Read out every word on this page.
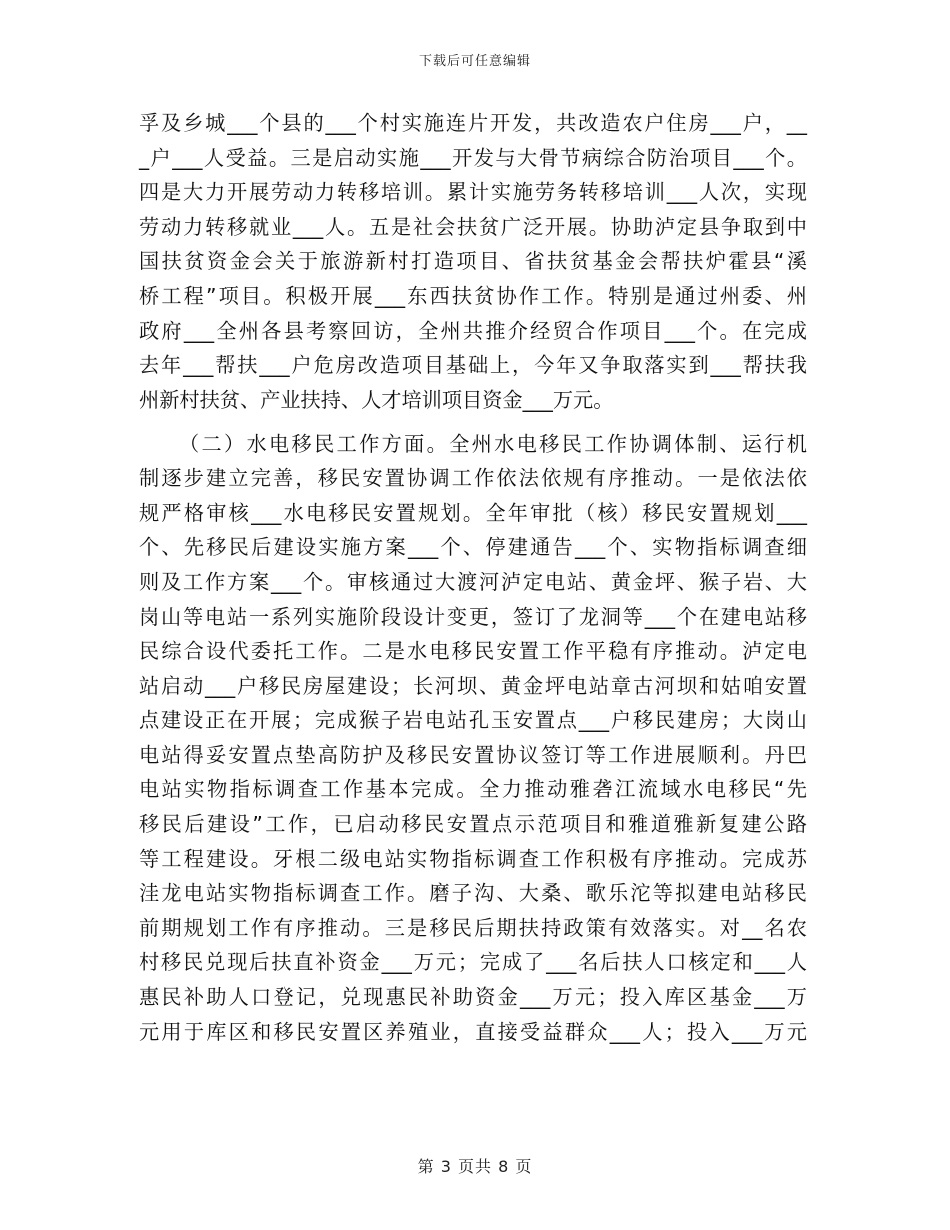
下载后可任意编辑
孚及乡城___个县的___个村实施连片开发，共改造农户住房___户，__
_户___人受益。三是启动实施___开发与大骨节病综合防治项目___个。
四是大力开展劳动力转移培训。累计实施劳务转移培训___人次，实现
劳动力转移就业___人。五是社会扶贫广泛开展。协助泸定县争取到中
国扶贫资金会关于旅游新村打造项目、省扶贫基金会帮扶炉霍县“溪
桥工程”项目。积极开展___东西扶贫协作工作。特别是通过州委、州
政府___全州各县考察回访，全州共推介经贸合作项目___个。在完成
去年___帮扶___户危房改造项目基础上，今年又争取落实到___帮扶我
州新村扶贫、产业扶持、人才培训项目资金___万元。
（二）水电移民工作方面。全州水电移民工作协调体制、运行机
制逐步建立完善，移民安置协调工作依法依规有序推动。一是依法依
规严格审核___水电移民安置规划。全年审批（核）移民安置规划___
个、先移民后建设实施方案___个、停建通告___个、实物指标调查细
则及工作方案___个。审核通过大渡河泸定电站、黄金坪、猴子岩、大
岗山等电站一系列实施阶段设计变更，签订了龙洞等___个在建电站移
民综合设代委托工作。二是水电移民安置工作平稳有序推动。泸定电
站启动___户移民房屋建设；长河坝、黄金坪电站章古河坝和姑咱安置
点建设正在开展；完成猴子岩电站孔玉安置点___户移民建房；大岗山
电站得妥安置点垫高防护及移民安置协议签订等工作进展顺利。丹巴
电站实物指标调查工作基本完成。全力推动雅砻江流域水电移民“先
移民后建设”工作，已启动移民安置点示范项目和雅道雅新复建公路
等工程建设。牙根二级电站实物指标调查工作积极有序推动。完成苏
洼龙电站实物指标调查工作。磨子沟、大桑、歌乐沱等拟建电站移民
前期规划工作有序推动。三是移民后期扶持政策有效落实。对__名农
村移民兑现后扶直补资金___万元；完成了___名后扶人口核定和___人
惠民补助人口登记，兑现惠民补助资金___万元；投入库区基金___万
元用于库区和移民安置区养殖业，直接受益群众___人；投入___万元
第 3 页共 8 页
